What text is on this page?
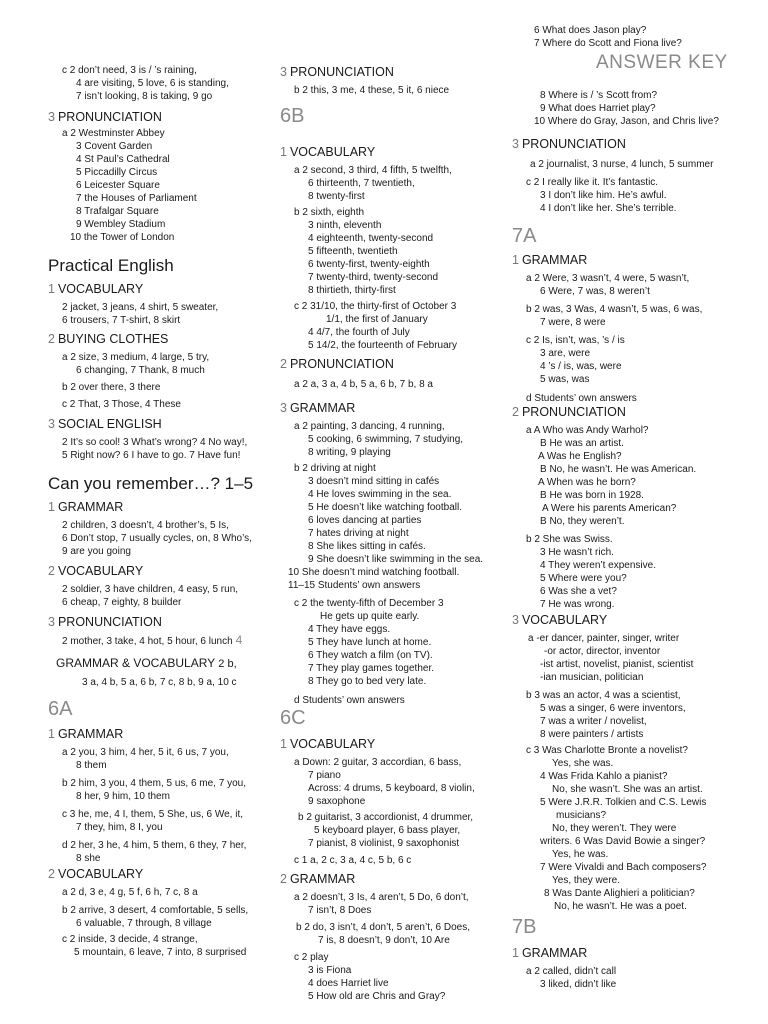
c 2 don’t need, 3 is / ’s raining,
4 are visiting, 5 love, 6 is standing,
7 isn’t looking, 8 is taking, 9 go
3 PRONUNCIATION
a 2 Westminster Abbey
3 Covent Garden
4 St Paul’s Cathedral
5 Piccadilly Circus
6 Leicester Square
7 the Houses of Parliament
8 Trafalgar Square
9 Wembley Stadium
10 the Tower of London
Practical English
1 VOCABULARY
2 jacket, 3 jeans, 4 shirt, 5 sweater,
6 trousers, 7 T-shirt, 8 skirt
2 BUYING CLOTHES
a 2 size, 3 medium, 4 large, 5 try,
6 changing, 7 Thank, 8 much
b 2 over there, 3 there
c 2 That, 3 Those, 4 These
3 SOCIAL ENGLISH
2 It’s so cool! 3 What’s wrong? 4 No way!,
5 Right now? 6 I have to go. 7 Have fun!
Can you remember…? 1–5
1 GRAMMAR
2 children, 3 doesn’t, 4 brother’s, 5 Is,
6 Don’t stop, 7 usually cycles, on, 8 Who’s,
9 are you going
2 VOCABULARY
2 soldier, 3 have children, 4 easy, 5 run,
6 cheap, 7 eighty, 8 builder
3 PRONUNCIATION
2 mother, 3 take, 4 hot, 5 hour, 6 lunch 4
GRAMMAR & VOCABULARY 2 b,
3 a, 4 b, 5 a, 6 b, 7 c, 8 b, 9 a, 10 c
6A
1 GRAMMAR
a 2 you, 3 him, 4 her, 5 it, 6 us, 7 you,
8 them
b 2 him, 3 you, 4 them, 5 us, 6 me, 7 you,
8 her, 9 him, 10 them
c 3 he, me, 4 I, them, 5 She, us, 6 We, it,
7 they, him, 8 I, you
d 2 her, 3 he, 4 him, 5 them, 6 they, 7 her,
8 she
2 VOCABULARY
a 2 d, 3 e, 4 g, 5 f, 6 h, 7 c, 8 a
b 2 arrive, 3 desert, 4 comfortable, 5 sells,
6 valuable, 7 through, 8 village
c 2 inside, 3 decide, 4 strange,
5 mountain, 6 leave, 7 into, 8 surprised
3 PRONUNCIATION
b 2 this, 3 me, 4 these, 5 it, 6 niece
6B
1 VOCABULARY
a 2 second, 3 third, 4 fifth, 5 twelfth,
6 thirteenth, 7 twentieth,
8 twenty-first
b 2 sixth, eighth
3 ninth, eleventh
4 eighteenth, twenty-second
5 fifteenth, twentieth
6 twenty-first, twenty-eighth
7 twenty-third, twenty-second
8 thirtieth, thirty-first
c 2 31/10, the thirty-first of October 3
1/1, the first of January
4 4/7, the fourth of July
5 14/2, the fourteenth of February
2 PRONUNCIATION
a 2 a, 3 a, 4 b, 5 a, 6 b, 7 b, 8 a
3 GRAMMAR
a 2 painting, 3 dancing, 4 running,
5 cooking, 6 swimming, 7 studying,
8 writing, 9 playing
b 2 driving at night
3 doesn’t mind sitting in cafés
4 He loves swimming in the sea.
5 He doesn’t like watching football.
6 loves dancing at parties
7 hates driving at night
8 She likes sitting in cafés.
9 She doesn’t like swimming in the sea.
10 She doesn’t mind watching football.
11–15 Students’ own answers
c 2 the twenty-fifth of December 3
He gets up quite early.
4 They have eggs.
5 They have lunch at home.
6 They watch a film (on TV).
7 They play games together.
8 They go to bed very late.
d Students’ own answers
6C
1 VOCABULARY
a Down: 2 guitar, 3 accordian, 6 bass,
7 piano
Across: 4 drums, 5 keyboard, 8 violin,
9 saxophone
b 2 guitarist, 3 accordionist, 4 drummer,
5 keyboard player, 6 bass player,
7 pianist, 8 violinist, 9 saxophonist
c 1 a, 2 c, 3 a, 4 c, 5 b, 6 c
2 GRAMMAR
a 2 doesn’t, 3 Is, 4 aren’t, 5 Do, 6 don’t,
7 isn’t, 8 Does
b 2 do, 3 isn’t, 4 don’t, 5 aren’t, 6 Does,
7 is, 8 doesn’t, 9 don’t, 10 Are
c 2 play
3 is Fiona
4 does Harriet live
5 How old are Chris and Gray?
6 What does Jason play?
7 Where do Scott and Fiona live?
ANSWER KEY
8 Where is / ’s Scott from?
9 What does Harriet play?
10 Where do Gray, Jason, and Chris live?
3 PRONUNCIATION
a 2 journalist, 3 nurse, 4 lunch, 5 summer
c 2 I really like it. It’s fantastic.
3 I don’t like him. He’s awful.
4 I don’t like her. She’s terrible.
7A
1 GRAMMAR
a 2 Were, 3 wasn’t, 4 were, 5 wasn’t,
6 Were, 7 was, 8 weren’t
b 2 was, 3 Was, 4 wasn’t, 5 was, 6 was,
7 were, 8 were
c 2 Is, isn’t, was, ’s / is
3 are, were
4 ’s / is, was, were
5 was, was
d Students’ own answers
2 PRONUNCIATION
a A Who was Andy Warhol?
B He was an artist.
A Was he English?
B No, he wasn’t. He was American.
A When was he born?
B He was born in 1928.
A Were his parents American?
B No, they weren’t.
b 2 She was Swiss.
3 He wasn’t rich.
4 They weren’t expensive.
5 Where were you?
6 Was she a vet?
7 He was wrong.
3 VOCABULARY
a -er dancer, painter, singer, writer
-or actor, director, inventor
-ist artist, novelist, pianist, scientist
-ian musician, politician
b 3 was an actor, 4 was a scientist,
5 was a singer, 6 were inventors,
7 was a writer / novelist,
8 were painters / artists
c 3 Was Charlotte Bronte a novelist?
Yes, she was.
4 Was Frida Kahlo a pianist?
No, she wasn’t. She was an artist.
5 Were J.R.R. Tolkien and C.S. Lewis
musicians?
No, they weren’t. They were
writers. 6 Was David Bowie a singer?
Yes, he was.
7 Were Vivaldi and Bach composers?
Yes, they were.
8 Was Dante Alighieri a politician?
No, he wasn’t. He was a poet.
7B
1 GRAMMAR
a 2 called, didn’t call
3 liked, didn’t like
